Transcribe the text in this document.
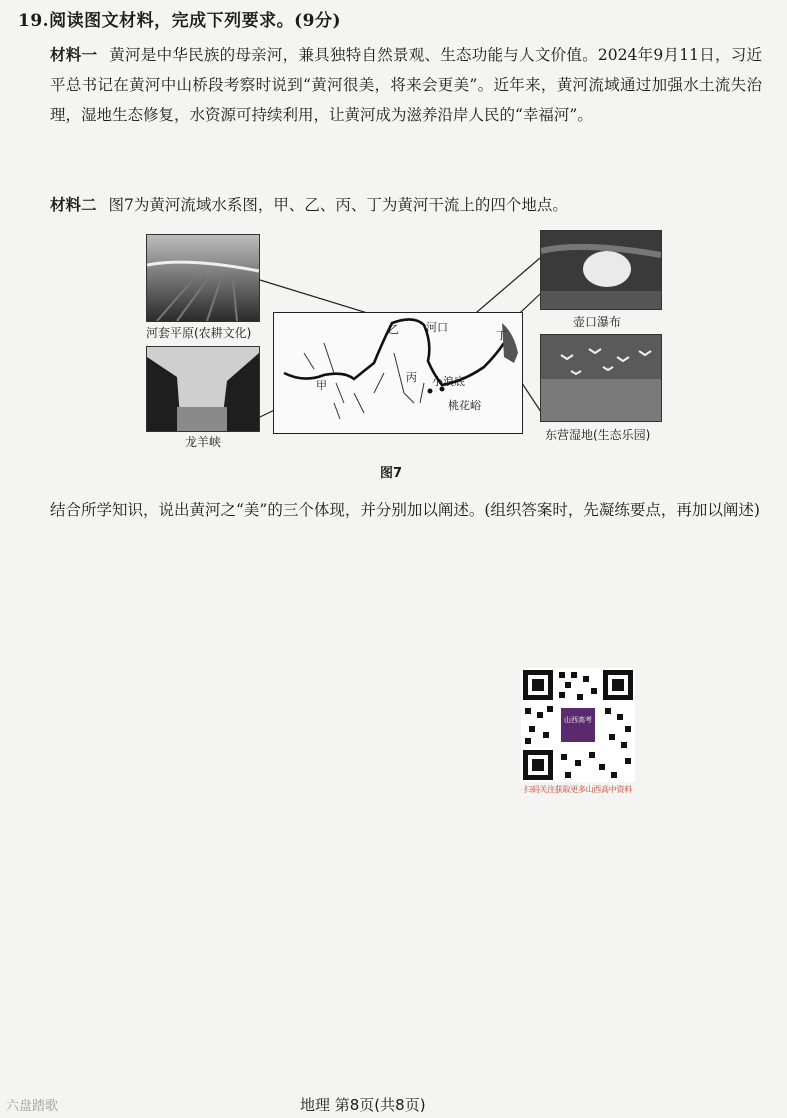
19.阅读图文材料，完成下列要求。(9分)
材料一 黄河是中华民族的母亲河，兼具独特自然景观、生态功能与人文价值。2024年9月11日，习近平总书记在黄河中山桥段考察时说到“黄河很美，将来会更美”。近年来，黄河流域通过加强水土流失治理，湿地生态修复，水资源可持续利用，让黄河成为滋养沿岸人民的“幸福河”。
材料二 图7为黄河流域水系图，甲、乙、丙、丁为黄河干流上的四个地点。
河套平原(农耕文化)
龙羊峡
壶口瀑布
东营湿地(生态乐园)
甲
乙
丙
丁
河口
小浪底
桃花峪
图7
结合所学知识，说出黄河之“美”的三个体现，并分别加以阐述。(组织答案时，先凝练要点，再加以阐述)
山西高考
扫码关注获取更多山西高中资料
六盘踏歌	地理 第8页(共8页)
